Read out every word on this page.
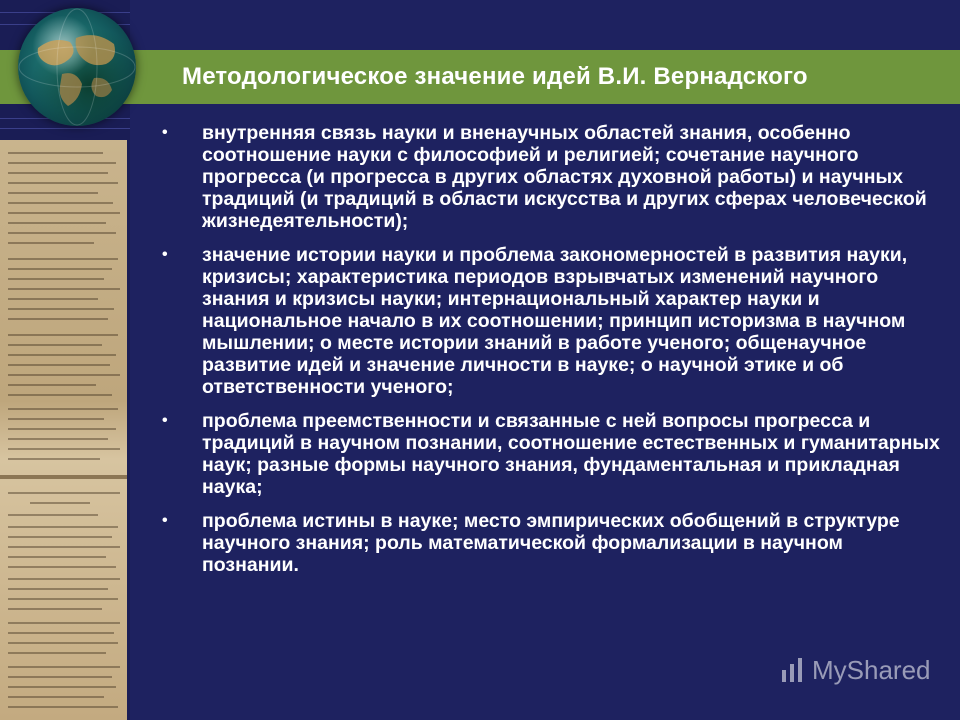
Методологическое значение идей В.И. Вернадского
• внутренняя связь науки и вненаучных областей знания, особенно соотношение науки с философией и религией; сочетание научного прогресса (и прогресса в других областях духовной работы) и научных традиций (и традиций в области искусства и других сферах человеческой жизнедеятельности);
• значение истории науки и проблема закономерностей в развития науки, кризисы; характеристика периодов взрывчатых изменений научного знания и кризисы науки; интернациональный характер науки и национальное начало в их соотношении; принцип историзма в научном мышлении; о месте истории знаний в работе ученого; общенаучное развитие идей и значение личности в науке; о научной этике и об ответственности ученого;
• проблема преемственности и связанные с ней вопросы прогресса и традиций в научном познании, соотношение естественных и гуманитарных наук; разные формы научного знания, фундаментальная и прикладная наука;
• проблема истины в науке; место эмпирических обобщений в структуре научного знания; роль математической формализации в научном познании.
MyShared
